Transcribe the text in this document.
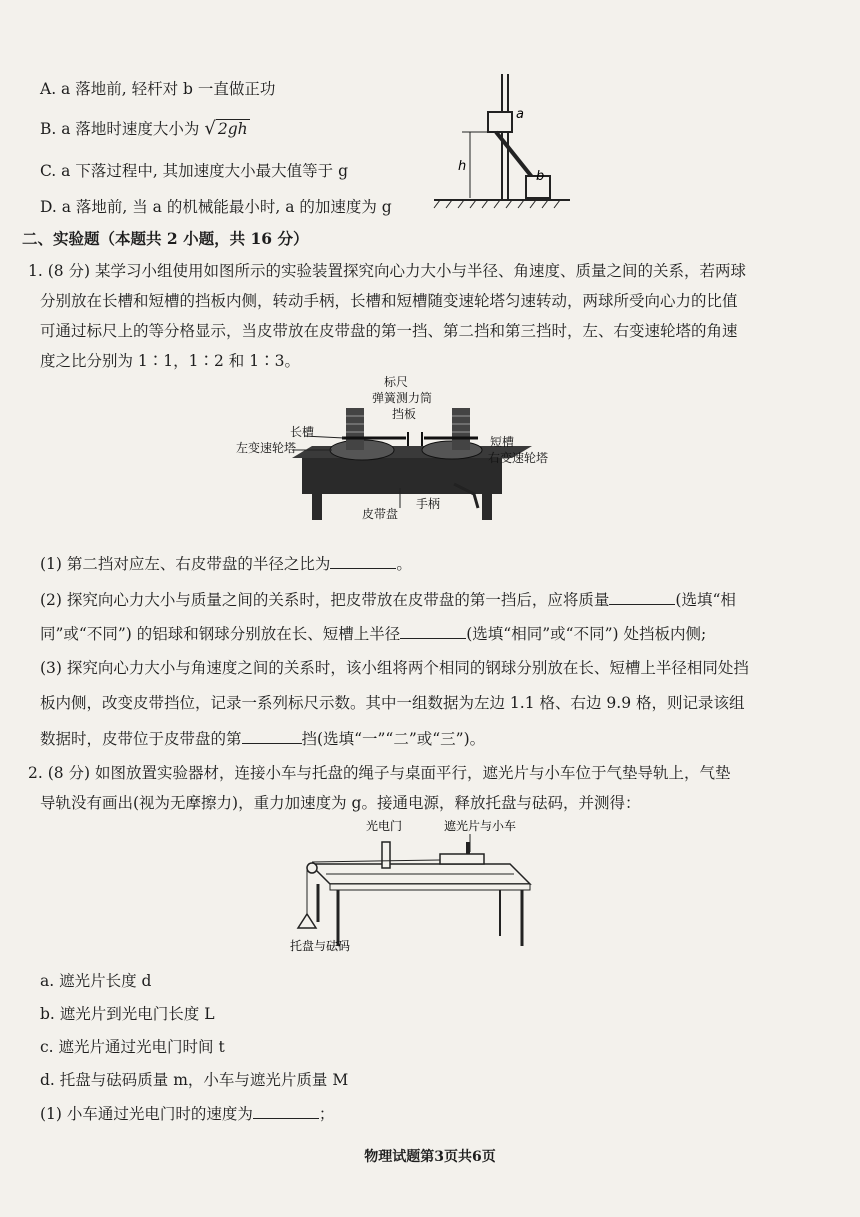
A. a 落地前, 轻杆对 b 一直做正功
B. a 落地时速度大小为 √ 2gh
C. a 下落过程中, 其加速度大小最大值等于 g
D. a 落地前, 当 a 的机械能最小时, a 的加速度为 g
a
b
h
二、实验题（本题共 2 小题，共 16 分）
1. (8 分) 某学习小组使用如图所示的实验装置探究向心力大小与半径、角速度、质量之间的关系，若两球
分别放在长槽和短槽的挡板内侧，转动手柄，长槽和短槽随变速轮塔匀速转动，两球所受向心力的比值
可通过标尺上的等分格显示，当皮带放在皮带盘的第一挡、第二挡和第三挡时，左、右变速轮塔的角速
度之比分别为 1∶1，1∶2 和 1∶3。
标尺
弹簧测力筒
挡板
长槽
左变速轮塔	短槽
右变速轮塔
皮带盘
手柄
(1) 第二挡对应左、右皮带盘的半径之比为	。
(2) 探究向心力大小与质量之间的关系时，把皮带放在皮带盘的第一挡后，应将质量	(选填“相
同”或“不同”) 的铝球和钢球分别放在长、短槽上半径	(选填“相同”或“不同”) 处挡板内侧;
(3) 探究向心力大小与角速度之间的关系时，该小组将两个相同的钢球分别放在长、短槽上半径相同处挡
板内侧，改变皮带挡位，记录一系列标尺示数。其中一组数据为左边 1.1 格、右边 9.9 格，则记录该组
数据时，皮带位于皮带盘的第	挡(选填“一”“二”或“三”)。
2. (8 分) 如图放置实验器材，连接小车与托盘的绳子与桌面平行，遮光片与小车位于气垫导轨上，气垫
导轨没有画出(视为无摩擦力)，重力加速度为 g。接通电源，释放托盘与砝码，并测得：
光电门	遮光片与小车
托盘与砝码
a. 遮光片长度 d
b. 遮光片到光电门长度 L
c. 遮光片通过光电门时间 t
d. 托盘与砝码质量 m，小车与遮光片质量 M
(1) 小车通过光电门时的速度为	；
物理试题第3页共6页
